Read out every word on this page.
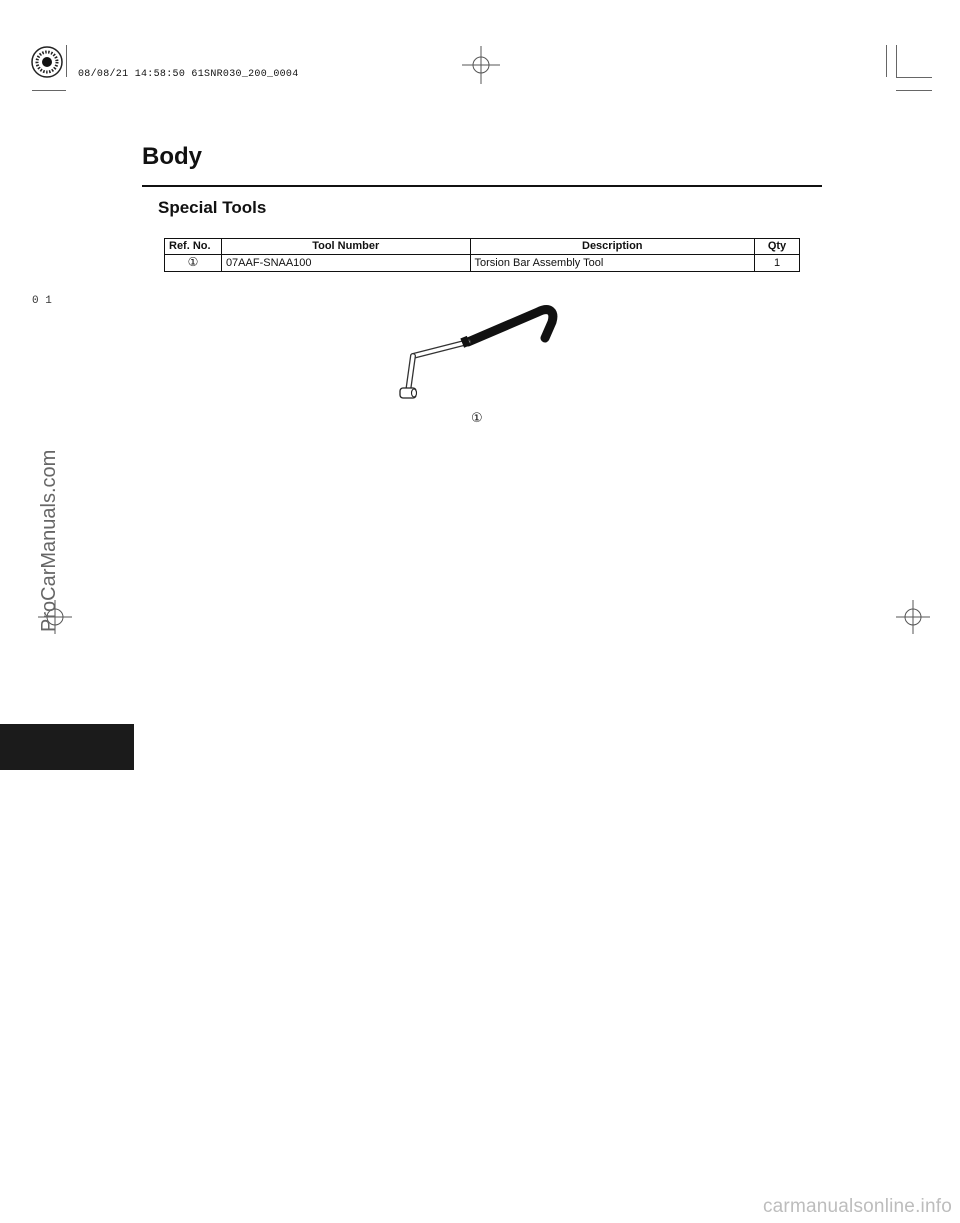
08/08/21 14:58:50 61SNR030_200_0004
Body
Special Tools
Ref. No.	Tool Number	Description	Qty
①	07AAF-SNAA100	Torsion Bar Assembly Tool	1
0 1
①
ProCarManuals.com
carmanualsonline.info
